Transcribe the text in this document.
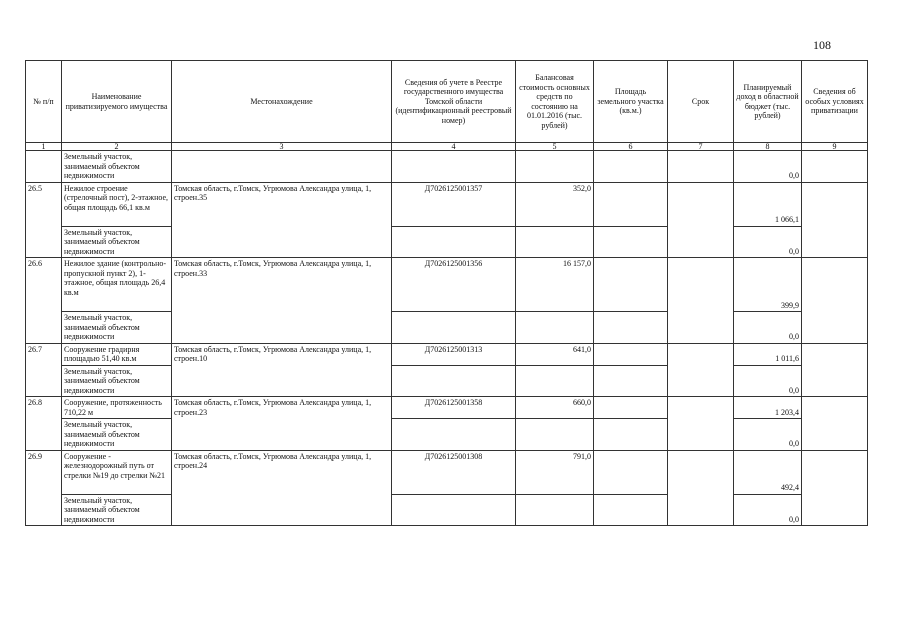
108
№ п/п	Наименование приватизируемого имущества	Местонахождение	Сведения об учете в Реестре государственного имущества Томской области (идентификационный реестровый номер)	Балансовая стоимость основных средств по состоянию на 01.01.2016 (тыс. рублей)	Площадь земельного участка (кв.м.)	Срок	Планируемый доход в областной бюджет (тыс. рублей)	Сведения об особых условиях приватизации
1	2	3	4	5	6	7	8	9
	Земельный участок, занимаемый объектом недвижимости						0,0	
26.5	Нежилое строение (стрелочный пост), 2-этажное, общая площадь 66,1 кв.м	Томская область, г.Томск, Угрюмова Александра улица, 1, строен.35	Д7026125001357	352,0			1 066,1	
	Земельный участок, занимаемый объектом недвижимости						0,0	
26.6	Нежилое здание (контрольно-пропускной пункт 2), 1-этажное, общая площадь 26,4 кв.м	Томская область, г.Томск, Угрюмова Александра улица, 1, строен.33	Д7026125001356	16 157,0			399,9	
	Земельный участок, занимаемый объектом недвижимости						0,0	
26.7	Сооружение градирня площадью 51,40 кв.м	Томская область, г.Томск, Угрюмова Александра улица, 1, строен.10	Д7026125001313	641,0			1 011,6	
	Земельный участок, занимаемый объектом недвижимости						0,0	
26.8	Сооружение, протяженность 710,22 м	Томская область, г.Томск, Угрюмова Александра улица, 1, строен.23	Д7026125001358	660,0			1 203,4	
	Земельный участок, занимаемый объектом недвижимости						0,0	
26.9	Сооружение - железнодорожный путь от стрелки №19 до стрелки №21	Томская область, г.Томск, Угрюмова Александра улица, 1, строен.24	Д7026125001308	791,0			492,4	
	Земельный участок, занимаемый объектом недвижимости						0,0	
